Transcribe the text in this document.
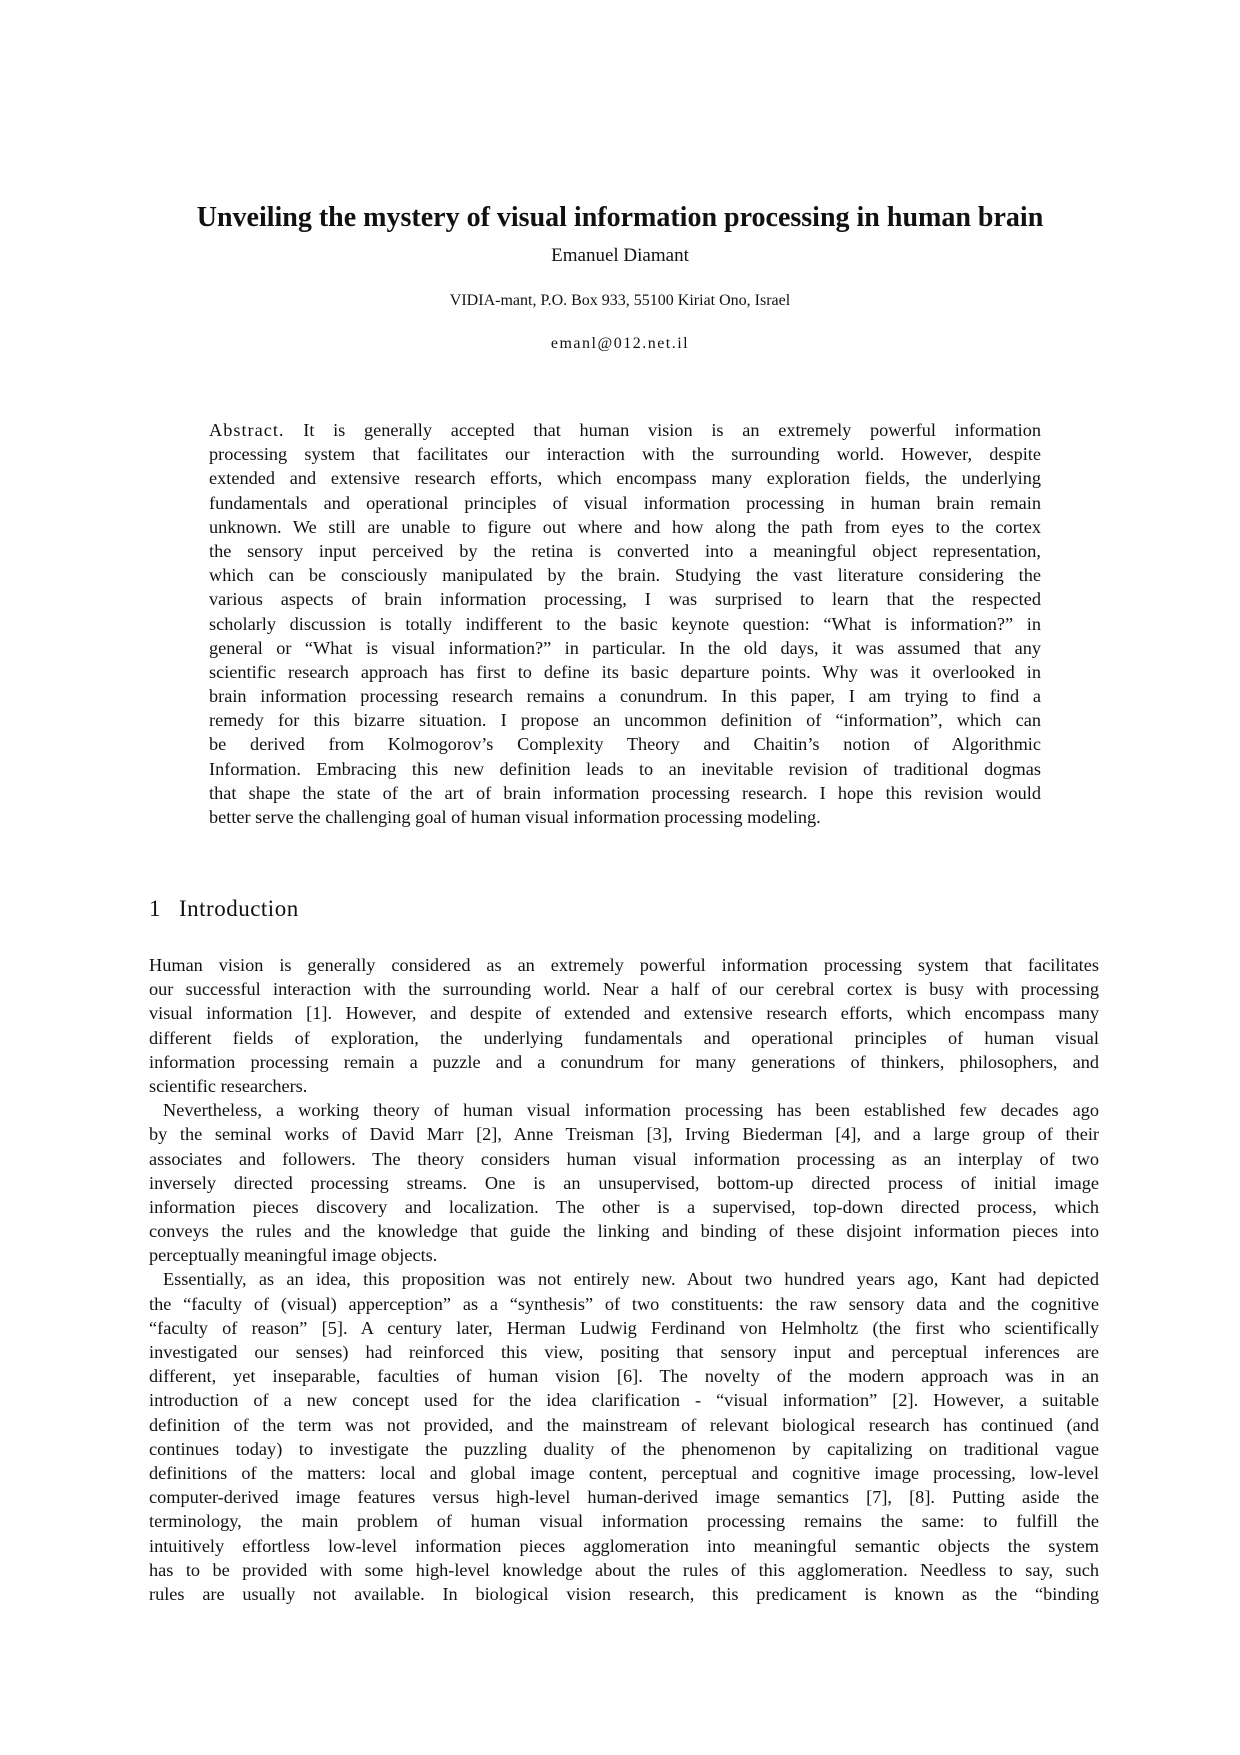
Unveiling the mystery of visual information processing in human brain
Emanuel Diamant
VIDIA-mant, P.O. Box 933, 55100 Kiriat Ono, Israel
emanl@012.net.il
Abstract. It is generally accepted that human vision is an extremely powerful information
processing system that facilitates our interaction with the surrounding world. However, despite
extended and extensive research efforts, which encompass many exploration fields, the underlying
fundamentals and operational principles of visual information processing in human brain remain
unknown. We still are unable to figure out where and how along the path from eyes to the cortex
the sensory input perceived by the retina is converted into a meaningful object representation,
which can be consciously manipulated by the brain. Studying the vast literature considering the
various aspects of brain information processing, I was surprised to learn that the respected
scholarly discussion is totally indifferent to the basic keynote question: “What is information?” in
general or “What is visual information?” in particular. In the old days, it was assumed that any
scientific research approach has first to define its basic departure points. Why was it overlooked in
brain information processing research remains a conundrum. In this paper, I am trying to find a
remedy for this bizarre situation. I propose an uncommon definition of “information”, which can
be derived from Kolmogorov’s Complexity Theory and Chaitin’s notion of Algorithmic
Information. Embracing this new definition leads to an inevitable revision of traditional dogmas
that shape the state of the art of brain information processing research. I hope this revision would
better serve the challenging goal of human visual information processing modeling.
1 Introduction
Human vision is generally considered as an extremely powerful information processing system that facilitates
our successful interaction with the surrounding world. Near a half of our cerebral cortex is busy with processing
visual information [1]. However, and despite of extended and extensive research efforts, which encompass many
different fields of exploration, the underlying fundamentals and operational principles of human visual
information processing remain a puzzle and a conundrum for many generations of thinkers, philosophers, and
scientific researchers.
Nevertheless, a working theory of human visual information processing has been established few decades ago
by the seminal works of David Marr [2], Anne Treisman [3], Irving Biederman [4], and a large group of their
associates and followers. The theory considers human visual information processing as an interplay of two
inversely directed processing streams. One is an unsupervised, bottom-up directed process of initial image
information pieces discovery and localization. The other is a supervised, top-down directed process, which
conveys the rules and the knowledge that guide the linking and binding of these disjoint information pieces into
perceptually meaningful image objects.
Essentially, as an idea, this proposition was not entirely new. About two hundred years ago, Kant had depicted
the “faculty of (visual) apperception” as a “synthesis” of two constituents: the raw sensory data and the cognitive
“faculty of reason” [5]. A century later, Herman Ludwig Ferdinand von Helmholtz (the first who scientifically
investigated our senses) had reinforced this view, positing that sensory input and perceptual inferences are
different, yet inseparable, faculties of human vision [6]. The novelty of the modern approach was in an
introduction of a new concept used for the idea clarification - “visual information” [2]. However, a suitable
definition of the term was not provided, and the mainstream of relevant biological research has continued (and
continues today) to investigate the puzzling duality of the phenomenon by capitalizing on traditional vague
definitions of the matters: local and global image content, perceptual and cognitive image processing, low-level
computer-derived image features versus high-level human-derived image semantics [7], [8]. Putting aside the
terminology, the main problem of human visual information processing remains the same: to fulfill the
intuitively effortless low-level information pieces agglomeration into meaningful semantic objects the system
has to be provided with some high-level knowledge about the rules of this agglomeration. Needless to say, such
rules are usually not available. In biological vision research, this predicament is known as the “binding
